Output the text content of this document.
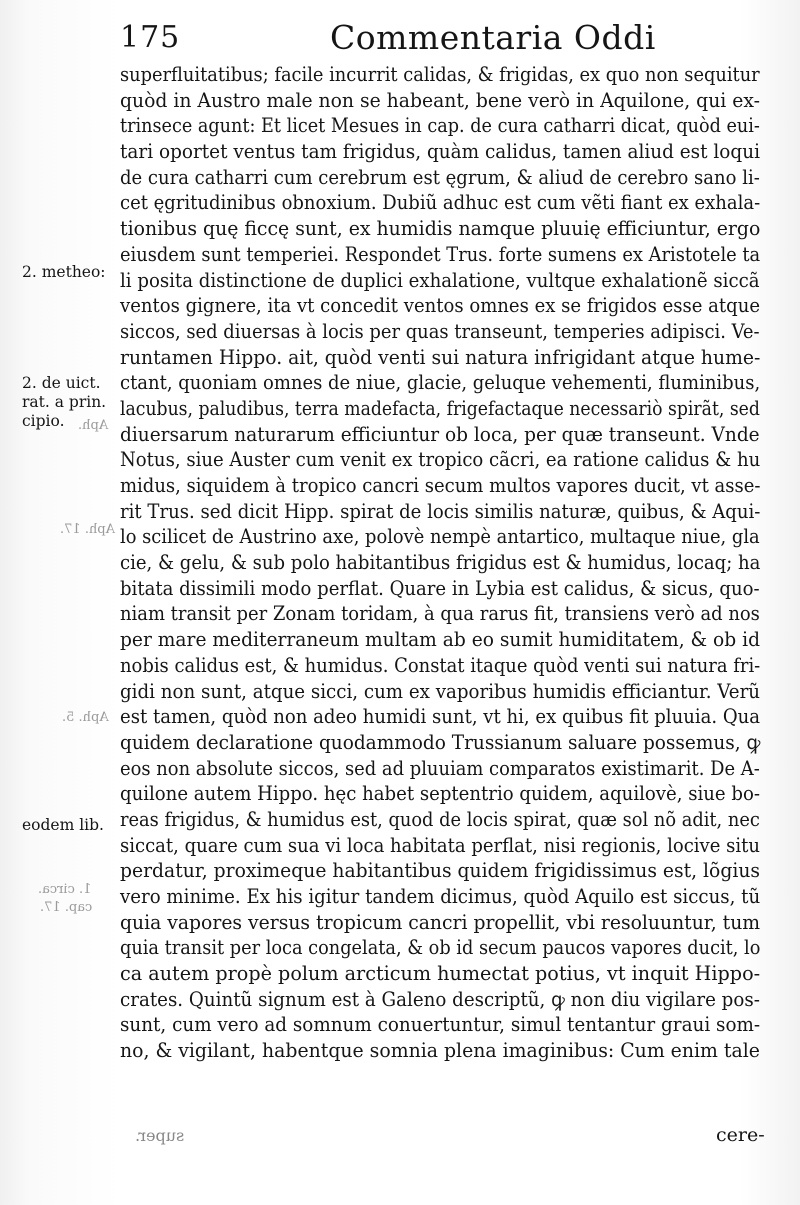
175	Commentaria Oddi
2. metheo:
2. de uict.
rat. a prin.
cipio.
eodem lib.
Aph.
Aph. 17.
Aph. 5.
1. circa.
cap. 17.
super.
superfluitatibus; facile incurrit calidas, & frigidas, ex quo non sequitur
quòd in Austro male non se habeant, bene verò in Aquilone, qui ex-
trinsece agunt: Et licet Mesues in cap. de cura catharri dicat, quòd eui-
tari oportet ventus tam frigidus, quàm calidus, tamen aliud est loqui
de cura catharri cum cerebrum est ęgrum, & aliud de cerebro sano li-
cet ęgritudinibus obnoxium. Dubiũ adhuc est cum vẽti fiant ex exhala-
tionibus quę ficcę sunt, ex humidis namque pluuię efficiuntur, ergo
eiusdem sunt temperiei. Respondet Trus. forte sumens ex Aristotele ta
li posita distinctione de duplici exhalatione, vultque exhalationẽ siccã
ventos gignere, ita vt concedit ventos omnes ex se frigidos esse atque
siccos, sed diuersas à locis per quas transeunt, temperies adipisci. Ve-
runtamen Hippo. ait, quòd venti sui natura infrigidant atque hume-
ctant, quoniam omnes de niue, glacie, geluque vehementi, fluminibus,
lacubus, paludibus, terra madefacta, frigefactaque necessariò spirãt, sed
diuersarum naturarum efficiuntur ob loca, per quæ transeunt. Vnde
Notus, siue Auster cum venit ex tropico cãcri, ea ratione calidus & hu
midus, siquidem à tropico cancri secum multos vapores ducit, vt asse-
rit Trus. sed dicit Hipp. spirat de locis similis naturæ, quibus, & Aqui-
lo scilicet de Austrino axe, polovè nempè antartico, multaque niue, gla
cie, & gelu, & sub polo habitantibus frigidus est & humidus, locaq; ha
bitata dissimili modo perflat. Quare in Lybia est calidus, & sicus, quo-
niam transit per Zonam toridam, à qua rarus fit, transiens verò ad nos
per mare mediterraneum multam ab eo sumit humiditatem, & ob id
nobis calidus est, & humidus. Constat itaque quòd venti sui natura fri-
gidi non sunt, atque sicci, cum ex vaporibus humidis efficiantur. Verũ
est tamen, quòd non adeo humidi sunt, vt hi, ex quibus fit pluuia. Qua
quidem declaratione quodammodo Trussianum saluare possemus, ꝙ
eos non absolute siccos, sed ad pluuiam comparatos existimarit. De A-
quilone autem Hippo. hęc habet septentrio quidem, aquilovè, siue bo-
reas frigidus, & humidus est, quod de locis spirat, quæ sol nõ adit, nec
siccat, quare cum sua vi loca habitata perflat, nisi regionis, locive situ
perdatur, proximeque habitantibus quidem frigidissimus est, lõgius
vero minime. Ex his igitur tandem dicimus, quòd Aquilo est siccus, tũ
quia vapores versus tropicum cancri propellit, vbi resoluuntur, tum
quia transit per loca congelata, & ob id secum paucos vapores ducit, lo
ca autem propè polum arcticum humectat potius, vt inquit Hippo-
crates. Quintũ signum est à Galeno descriptũ, ꝙ non diu vigilare pos-
sunt, cum vero ad somnum conuertuntur, simul tentantur graui som-
no, & vigilant, habentque somnia plena imaginibus: Cum enim tale
cere-
